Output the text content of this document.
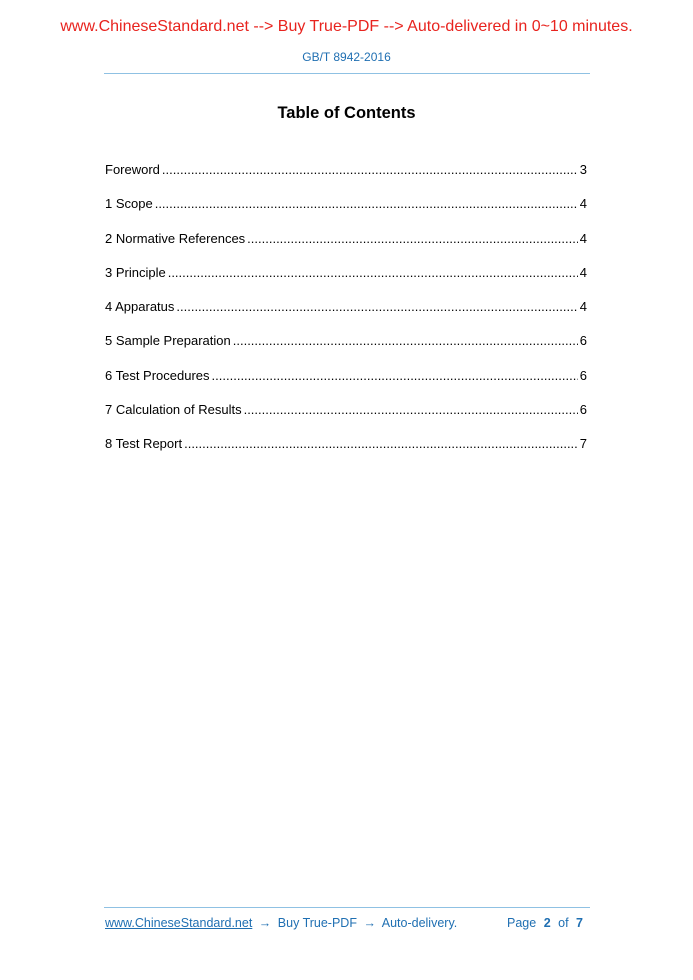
www.ChineseStandard.net --> Buy True-PDF --> Auto-delivered in 0~10 minutes.
GB/T 8942-2016
Table of Contents
Foreword .....	3
1 Scope .....	4
2 Normative References .....	4
3 Principle .....	4
4 Apparatus .....	4
5 Sample Preparation .....	6
6 Test Procedures .....	6
7 Calculation of Results .....	6
8 Test Report .....	7
www.ChineseStandard.net → Buy True-PDF → Auto-delivery.	Page 2 of 7
